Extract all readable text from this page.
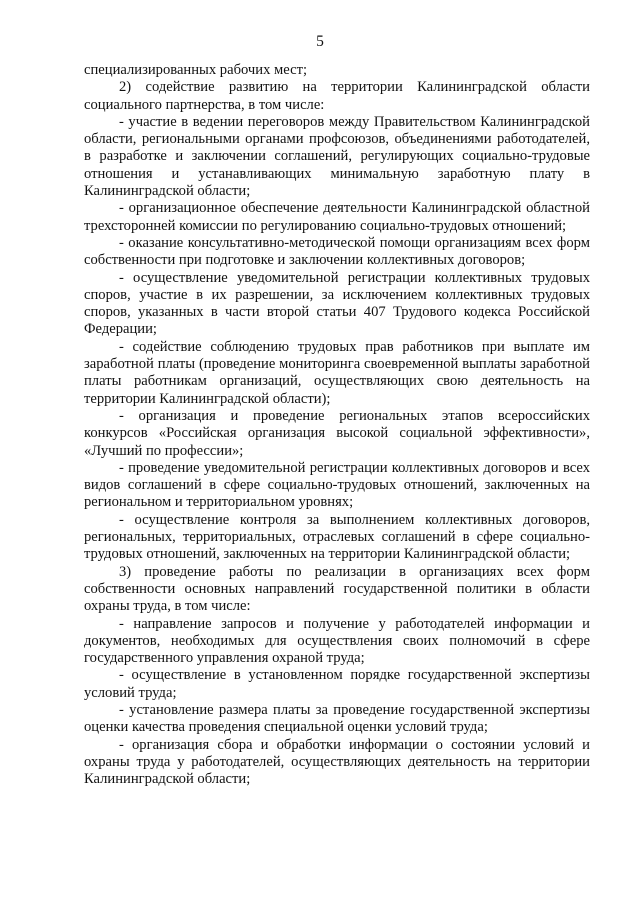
5

специализированных рабочих мест;

2) содействие развитию на территории Калининградской области социального партнерства, в том числе:

- участие в ведении переговоров между Правительством Калининградской области, региональными органами профсоюзов, объединениями работодателей, в разработке и заключении соглашений, регулирующих социально-трудовые отношения и устанавливающих минимальную заработную плату в Калининградской области;

- организационное обеспечение деятельности Калининградской областной трехсторонней комиссии по регулированию социально-трудовых отношений;

- оказание консультативно-методической помощи организациям всех форм собственности при подготовке и заключении коллективных договоров;

- осуществление уведомительной регистрации коллективных трудовых споров, участие в их разрешении, за исключением коллективных трудовых споров, указанных в части второй статьи 407 Трудового кодекса Российской Федерации;

- содействие соблюдению трудовых прав работников при выплате им заработной платы (проведение мониторинга своевременной выплаты заработной платы работникам организаций, осуществляющих свою деятельность на территории Калининградской области);

- организация и проведение региональных этапов всероссийских конкурсов «Российская организация высокой социальной эффективности», «Лучший по профессии»;

- проведение уведомительной регистрации коллективных договоров и всех видов соглашений в сфере социально-трудовых отношений, заключенных на региональном и территориальном уровнях;

- осуществление контроля за выполнением коллективных договоров, региональных, территориальных, отраслевых соглашений в сфере социально-трудовых отношений, заключенных на территории Калининградской области;

3) проведение работы по реализации в организациях всех форм собственности основных направлений государственной политики в области охраны труда, в том числе:

- направление запросов и получение у работодателей информации и документов, необходимых для осуществления своих полномочий в сфере государственного управления охраной труда;

- осуществление в установленном порядке государственной экспертизы условий труда;

- установление размера платы за проведение государственной экспертизы оценки качества проведения специальной оценки условий труда;

- организация сбора и обработки информации о состоянии условий и охраны труда у работодателей, осуществляющих деятельность на территории Калининградской области;
